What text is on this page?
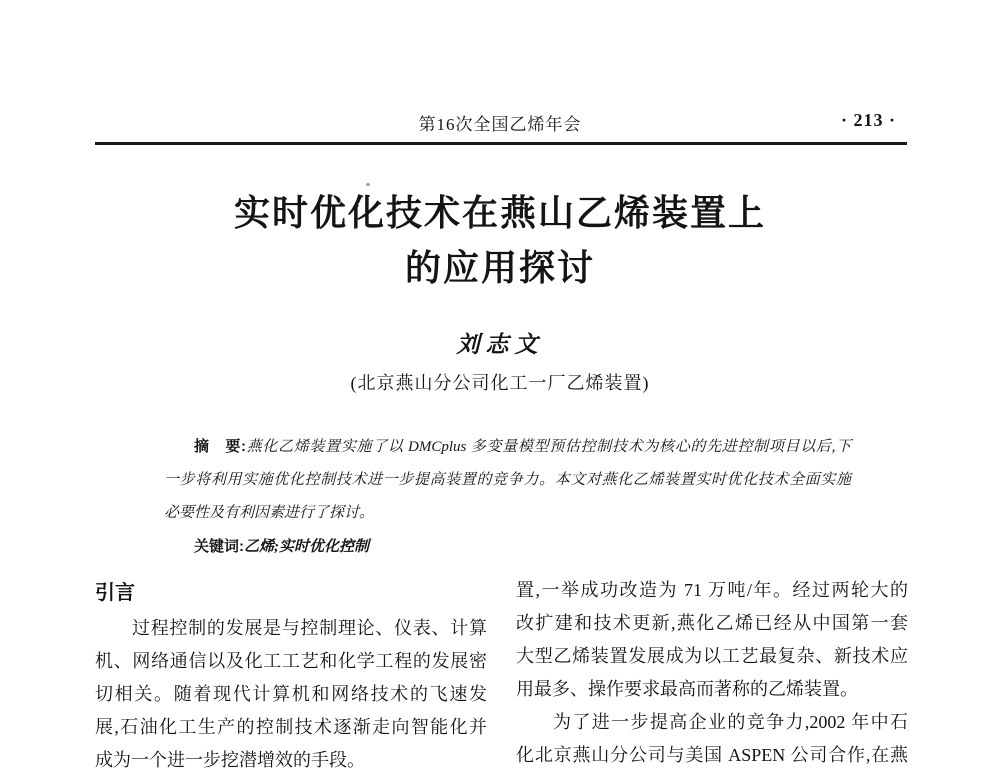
第16次全国乙烯年会	· 213 ·
实时优化技术在燕山乙烯装置上
的应用探讨
刘志文
(北京燕山分公司化工一厂乙烯装置)
摘　要:燕化乙烯装置实施了以 DMCplus 多变量模型预估控制技术为核心的先进控制项目以后,下
一步将利用实施优化控制技术进一步提高装置的竞争力。本文对燕化乙烯装置实时优化技术全面实施
必要性及有利因素进行了探讨。
关键词:乙烯;实时优化控制
引言
过程控制的发展是与控制理论、仪表、计算
机、网络通信以及化工工艺和化学工程的发展密
切相关。随着现代计算机和网络技术的飞速发
展,石油化工生产的控制技术逐渐走向智能化并
成为一个进一步挖潜增效的手段。
置,一举成功改造为 71 万吨/年。经过两轮大的
改扩建和技术更新,燕化乙烯已经从中国第一套
大型乙烯装置发展成为以工艺最复杂、新技术应
用最多、操作要求最高而著称的乙烯装置。
为了进一步提高企业的竞争力,2002 年中石
化北京燕山分公司与美国 ASPEN 公司合作,在燕
